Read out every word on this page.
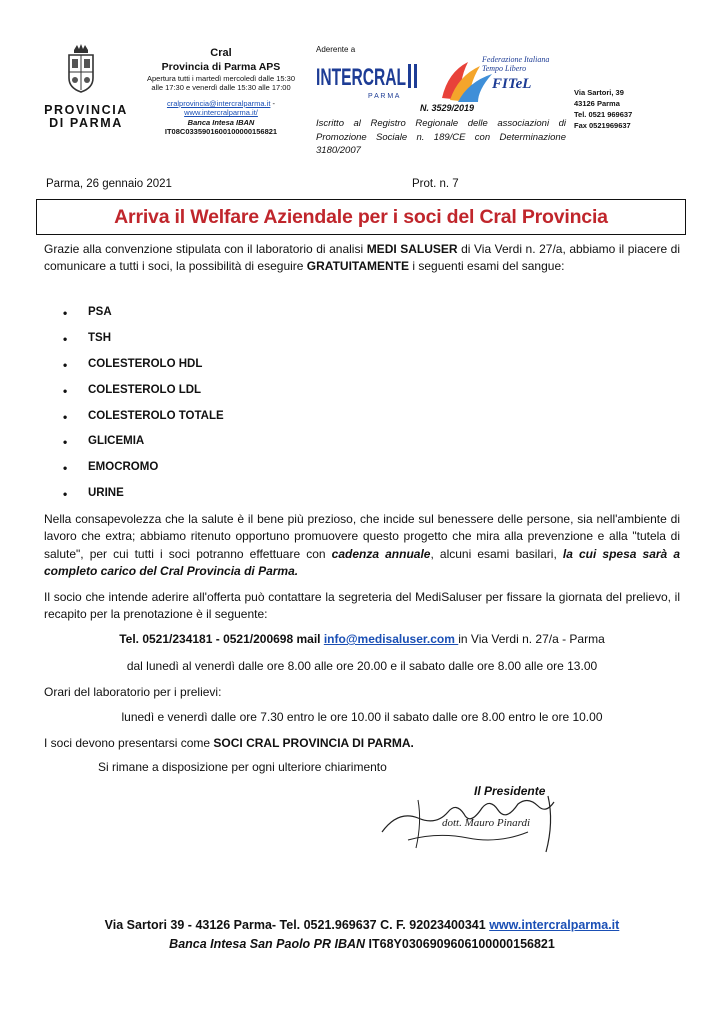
PROVINCIA
DI PARMA
Cral
Provincia di Parma APS
Apertura tutti i martedì mercoledì dalle 15:30 alle 17:30 e venerdì dalle 15:30 alle 17:00
cralprovincia@intercralparma.it -
www.intercralparma.it/
Banca Intesa IBAN
IT08C0335901600100000156821
Aderente a
INTERCRAL
P A R M A
Federazione Italiana
Tempo Libero
FITeL
N. 3529/2019
Iscritto al Registro Regionale delle associazioni di Promozione Sociale n. 189/CE con Determinazione 3180/2007
Via Sartori, 39
43126 Parma
Tel. 0521 969637
Fax 0521969637
Parma, 26 gennaio 2021	Prot. n. 7
Arriva il Welfare Aziendale per i soci del Cral Provincia
Grazie alla convenzione stipulata con il laboratorio di analisi MEDI SALUSER di Via Verdi n. 27/a, abbiamo il piacere di comunicare a tutti i soci, la possibilità di eseguire GRATUITAMENTE i seguenti esami del sangue:
•	PSA
•	TSH
•	COLESTEROLO HDL
•	COLESTEROLO LDL
•	COLESTEROLO TOTALE
•	GLICEMIA
•	EMOCROMO
•	URINE
Nella consapevolezza che la salute è il bene più prezioso, che incide sul benessere delle persone, sia nell'ambiente di lavoro che extra; abbiamo ritenuto opportuno promuovere questo progetto che mira alla prevenzione e alla "tutela di salute", per cui tutti i soci potranno effettuare con cadenza annuale, alcuni esami basilari, la cui spesa sarà a completo carico del Cral Provincia di Parma.
Il socio che intende aderire all'offerta può contattare la segreteria del MediSaluser per fissare la giornata del prelievo, il recapito per la prenotazione è il seguente:
Tel. 0521/234181 - 0521/200698 mail info@medisaluser.com in Via Verdi n. 27/a - Parma
dal lunedì al venerdì dalle ore 8.00 alle ore 20.00 e il sabato dalle ore 8.00 alle ore 13.00
Orari del laboratorio per i prelievi:
lunedì e venerdì dalle ore 7.30 entro le ore 10.00 il sabato dalle ore 8.00 entro le ore 10.00
I soci devono presentarsi come SOCI CRAL PROVINCIA DI PARMA.
Si rimane a disposizione per ogni ulteriore chiarimento
Il Presidente
dott. Mauro Pinardi
Via Sartori 39 - 43126 Parma- Tel. 0521.969637 C. F. 92023400341 www.intercralparma.it
Banca Intesa San Paolo PR IBAN IT68Y0306909606100000156821
